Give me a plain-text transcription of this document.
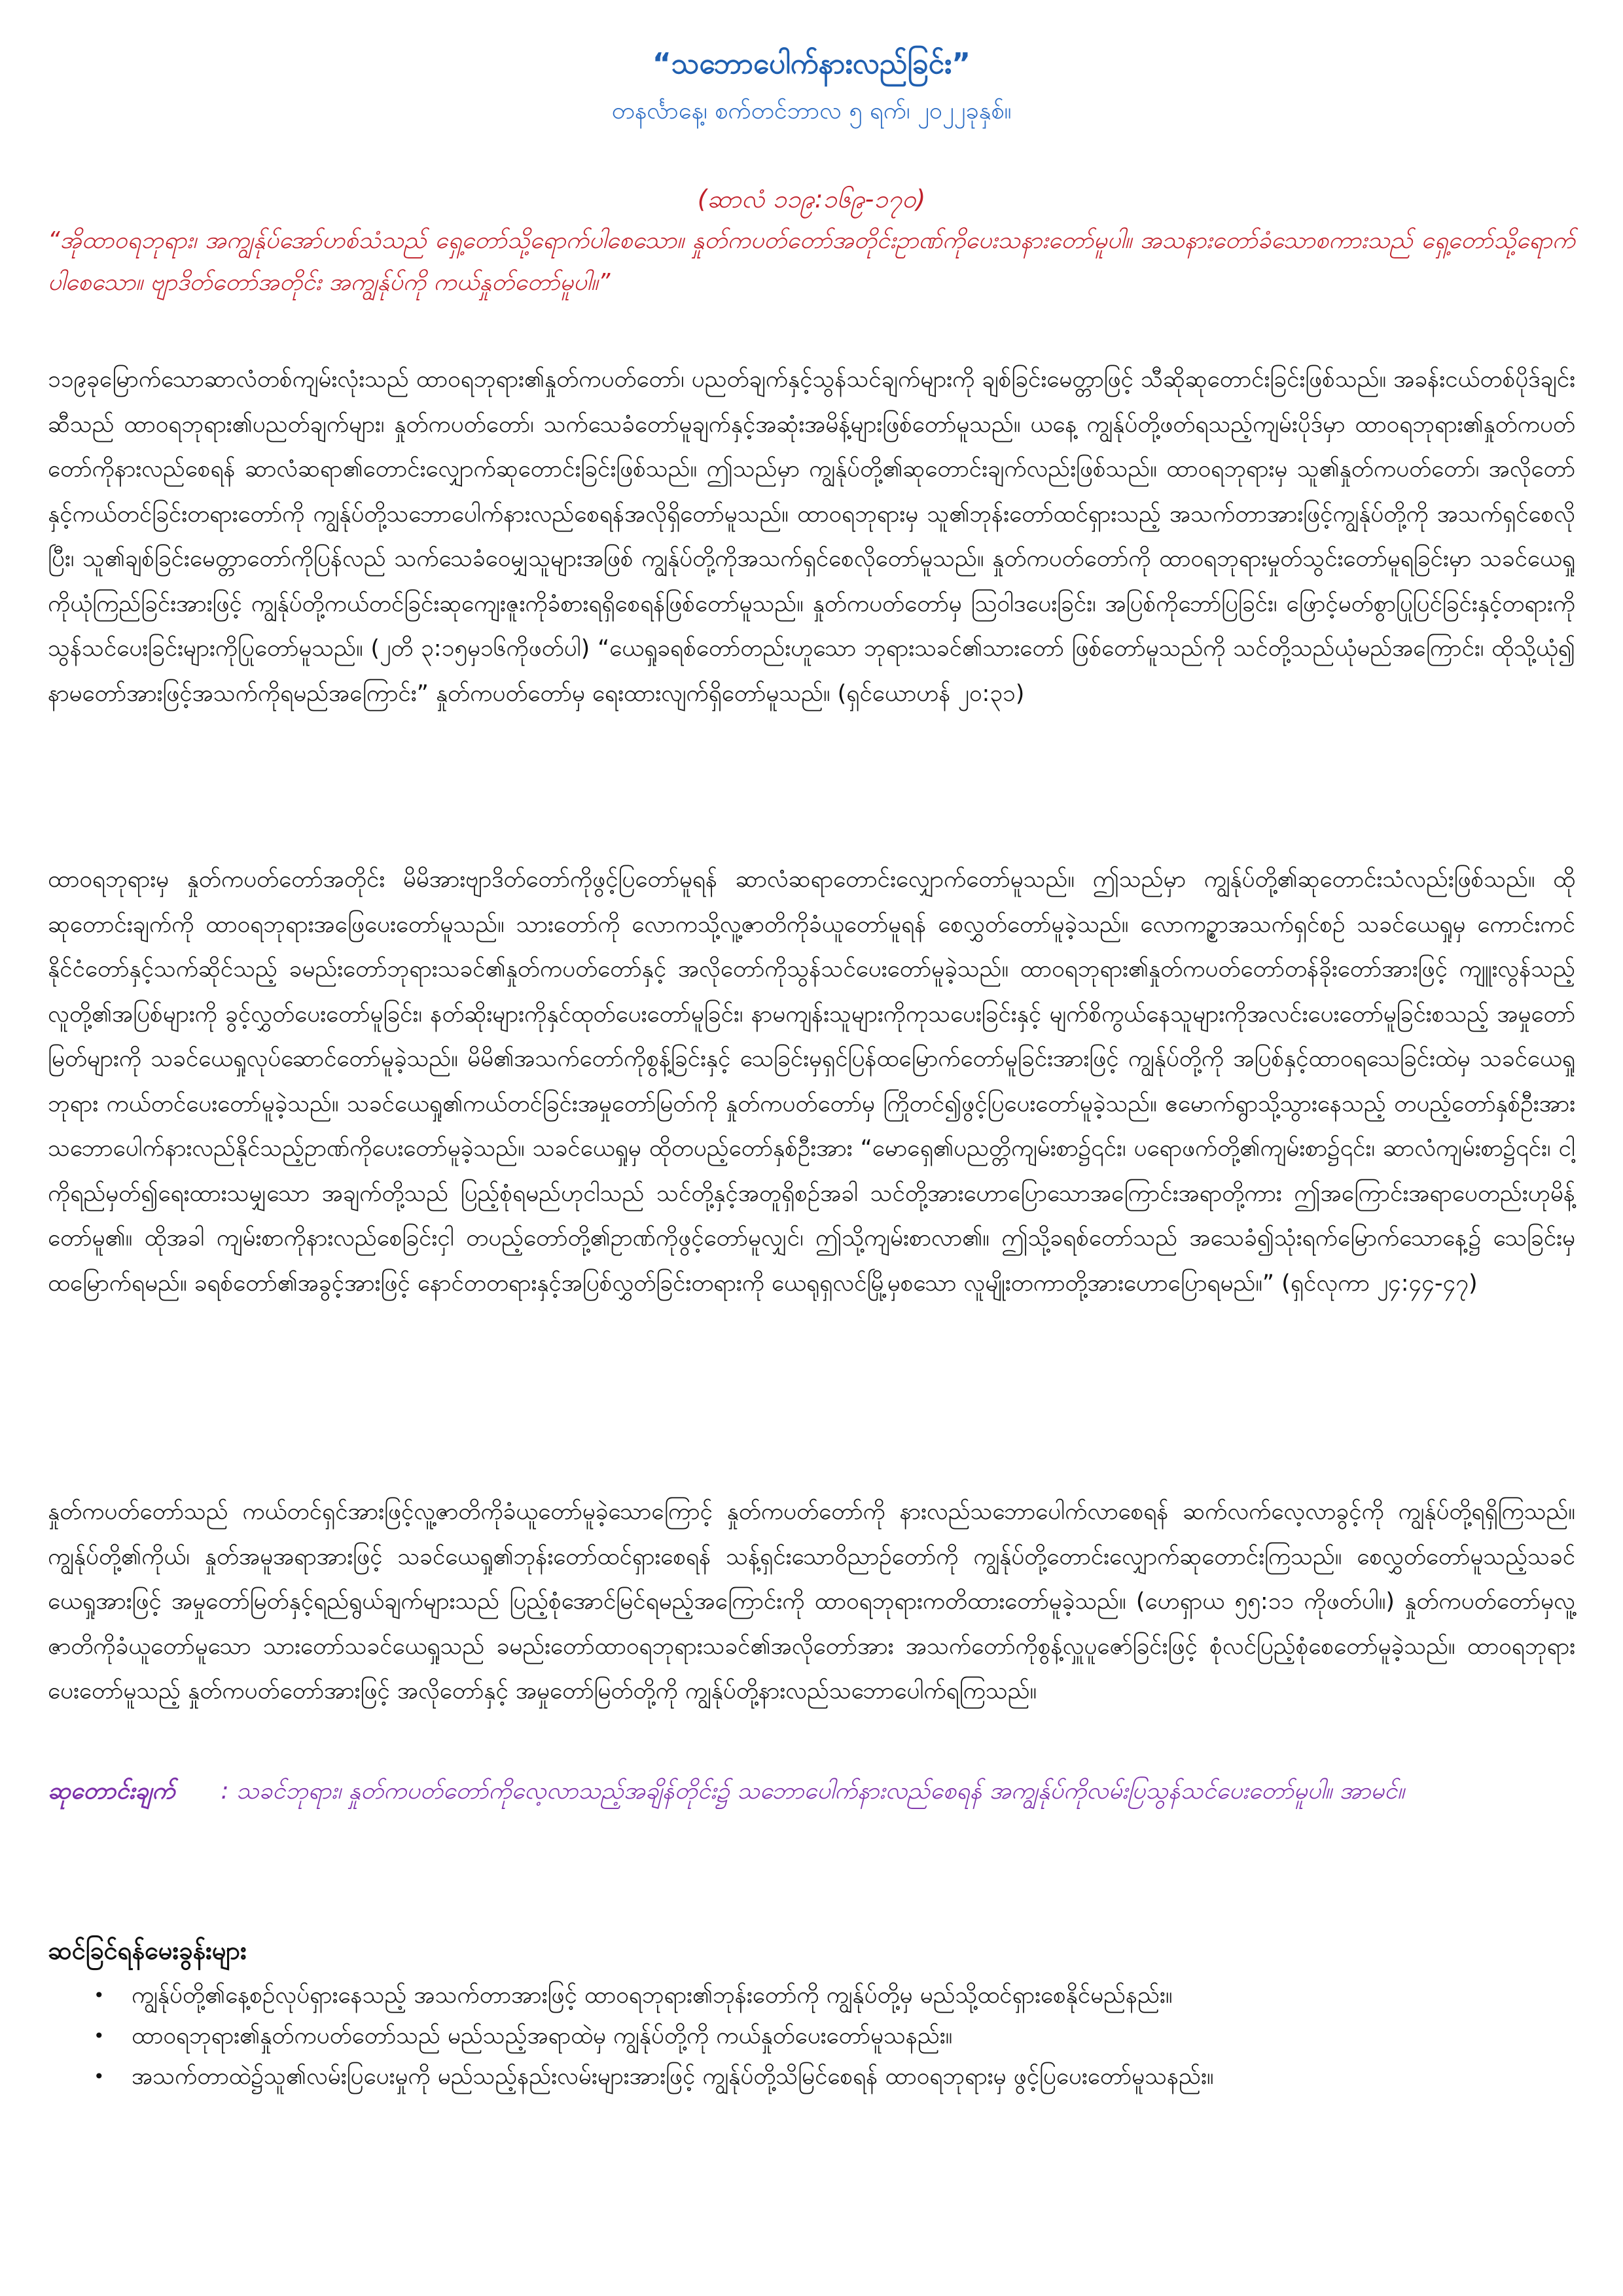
“သဘောပေါက်နားလည်ခြင်း”
တနင်္လာနေ့၊ စက်တင်ဘာလ ၅ ရက်၊ ၂၀၂၂ခုနှစ်။
(ဆာလံ ၁၁၉:၁၆၉-၁၇၀)
“အိုထာဝရဘုရား၊ အကျွန်ုပ်အော်ဟစ်သံသည် ရှေ့တော်သို့ရောက်ပါစေသော။ နှုတ်ကပတ်တော်အတိုင်းဥာဏ်ကိုပေးသနားတော်မူပါ။ အသနားတော်ခံသောစကားသည် ရှေ့တော်သို့ရောက်ပါစေသော။ ဗျာဒိတ်တော်အတိုင်း အကျွန်ုပ်ကို ကယ်နှုတ်တော်မူပါ။”
၁၁၉ခုမြောက်သောဆာလံတစ်ကျမ်းလုံးသည် ထာဝရဘုရား၏နှုတ်ကပတ်တော်၊ ပညတ်ချက်နှင့်သွန်သင်ချက်များကို ချစ်ခြင်းမေတ္တာဖြင့် သီဆိုဆုတောင်းခြင်းဖြစ်သည်။ အခန်းငယ်တစ်ပိုဒ်ချင်းဆီသည် ထာဝရဘုရား၏ပညတ်ချက်များ၊ နှုတ်ကပတ်တော်၊ သက်သေခံတော်မူချက်နှင့်အဆုံးအမိန့်များဖြစ်တော်မူသည်။ ယနေ့ ကျွန်ုပ်တို့ဖတ်ရသည့်ကျမ်းပိုဒ်မှာ ထာဝရဘုရား၏နှုတ်ကပတ်တော်ကိုနားလည်စေရန် ဆာလံဆရာ၏တောင်းလျှောက်ဆုတောင်းခြင်းဖြစ်သည်။ ဤသည်မှာ ကျွန်ုပ်တို့၏ဆုတောင်းချက်လည်းဖြစ်သည်။ ထာဝရဘုရားမှ သူ၏နှုတ်ကပတ်တော်၊ အလိုတော်နှင့်ကယ်တင်ခြင်းတရားတော်ကို ကျွန်ုပ်တို့သဘောပေါက်နားလည်စေရန်အလိုရှိတော်မူသည်။ ထာဝရဘုရားမှ သူ၏ဘုန်းတော်ထင်ရှားသည့် အသက်တာအားဖြင့်ကျွန်ုပ်တို့ကို အသက်ရှင်စေလိုပြီး၊ သူ၏ချစ်ခြင်းမေတ္တာတော်ကိုပြန်လည် သက်သေခံဝေမျှသူများအဖြစ် ကျွန်ုပ်တို့ကိုအသက်ရှင်စေလိုတော်မူသည်။ နှုတ်ကပတ်တော်ကို ထာဝရဘုရားမှုတ်သွင်းတော်မူရခြင်းမှာ သခင်ယေရှုကိုယုံကြည်ခြင်းအားဖြင့် ကျွန်ုပ်တို့ကယ်တင်ခြင်းဆုကျေးဇူးကိုခံစားရရှိစေရန်ဖြစ်တော်မူသည်။ နှုတ်ကပတ်တော်မှ ဩဝါဒပေးခြင်း၊ အပြစ်ကိုဘော်ပြခြင်း၊ ဖြောင့်မတ်စွာပြုပြင်ခြင်းနှင့်တရားကိုသွန်သင်ပေးခြင်းများကိုပြုတော်မူသည်။ (၂တိ ၃:၁၅မှ၁၆ကိုဖတ်ပါ) “ယေရှုခရစ်တော်တည်းဟူသော ဘုရားသခင်၏သားတော် ဖြစ်တော်မူသည်ကို သင်တို့သည်ယုံမည်အကြောင်း၊ ထိုသို့ယုံ၍ နာမတော်အားဖြင့်အသက်ကိုရမည်အကြောင်း” နှုတ်ကပတ်တော်မှ ရေးထားလျက်ရှိတော်မူသည်။ (ရှင်ယောဟန် ၂၀:၃၁)
ထာဝရဘုရားမှ နှုတ်ကပတ်တော်အတိုင်း မိမိအားဗျာဒိတ်တော်ကိုဖွင့်ပြတော်မူရန် ဆာလံဆရာတောင်းလျှောက်တော်မူသည်။ ဤသည်မှာ ကျွန်ုပ်တို့၏ဆုတောင်းသံလည်းဖြစ်သည်။ ထိုဆုတောင်းချက်ကို ထာဝရဘုရားအဖြေပေးတော်မူသည်။ သားတော်ကို လောကသို့လူ့ဇာတိကိုခံယူတော်မူရန် စေလွှတ်တော်မူခဲ့သည်။ လောကဥ္စာအသက်ရှင်စဉ် သခင်ယေရှုမှ ကောင်းကင်နိုင်ငံတော်နှင့်သက်ဆိုင်သည့် ခမည်းတော်ဘုရားသခင်၏နှုတ်ကပတ်တော်နှင့် အလိုတော်ကိုသွန်သင်ပေးတော်မူခဲ့သည်။ ထာဝရဘုရား၏နှုတ်ကပတ်တော်တန်ခိုးတော်အားဖြင့် ကျူးလွန်သည့်လူတို့၏အပြစ်များကို ခွင့်လွှတ်ပေးတော်မူခြင်း၊ နတ်ဆိုးများကိုနှင်ထုတ်ပေးတော်မူခြင်း၊ နာမကျန်းသူများကိုကုသပေးခြင်းနှင့် မျက်စိကွယ်နေသူများကိုအလင်းပေးတော်မူခြင်းစသည့် အမှုတော်မြတ်များကို သခင်ယေရှုလုပ်ဆောင်တော်မူခဲ့သည်။ မိမိ၏အသက်တော်ကိုစွန့်ခြင်းနှင့် သေခြင်းမှရှင်ပြန်ထမြောက်တော်မူခြင်းအားဖြင့် ကျွန်ုပ်တို့ကို အပြစ်နှင့်ထာဝရသေခြင်းထဲမှ သခင်ယေရှုဘုရား ကယ်တင်ပေးတော်မူခဲ့သည်။ သခင်ယေရှု၏ကယ်တင်ခြင်းအမှုတော်မြတ်ကို နှုတ်ကပတ်တော်မှ ကြိုတင်၍ဖွင့်ပြပေးတော်မူခဲ့သည်။ ဧမောက်ရွာသို့သွားနေသည့် တပည့်တော်နှစ်ဦးအား သဘောပေါက်နားလည်နိုင်သည့်ဥာဏ်ကိုပေးတော်မူခဲ့သည်။ သခင်ယေရှုမှ ထိုတပည့်တော်နှစ်ဦးအား “မောရှေ၏ပညတ္တိကျမ်းစာ၌၎င်း၊ ပရောဖက်တို့၏ကျမ်းစာ၌၎င်း၊ ဆာလံကျမ်းစာ၌၎င်း၊ ငါ့ကိုရည်မှတ်၍ရေးထားသမျှသော အချက်တို့သည် ပြည့်စုံရမည်ဟုငါသည် သင်တို့နှင့်အတူရှိစဉ်အခါ သင်တို့အားဟောပြောသောအကြောင်းအရာတို့ကား ဤအကြောင်းအရာပေတည်းဟုမိန့်တော်မူ၏။ ထိုအခါ ကျမ်းစာကိုနားလည်စေခြင်းငှါ တပည့်တော်တို့၏ဥာဏ်ကိုဖွင့်တော်မူလျှင်၊ ဤသို့ကျမ်းစာလာ၏။ ဤသို့ခရစ်တော်သည် အသေခံ၍သုံးရက်မြောက်သောနေ့၌ သေခြင်းမှထမြောက်ရမည်။ ခရစ်တော်၏အခွင့်အားဖြင့် နောင်တတရားနှင့်အပြစ်လွှတ်ခြင်းတရားကို ယေရုရှလင်မြို့မှစသော လူမျိုးတကာတို့အားဟောပြောရမည်။” (ရှင်လုကာ ၂၄:၄၄-၄၇)
နှုတ်ကပတ်တော်သည် ကယ်တင်ရှင်အားဖြင့်လူ့ဇာတိကိုခံယူတော်မူခဲ့သောကြောင့် နှုတ်ကပတ်တော်ကို နားလည်သဘောပေါက်လာစေရန် ဆက်လက်လေ့လာခွင့်ကို ကျွန်ုပ်တို့ရရှိကြသည်။ ကျွန်ုပ်တို့၏ကိုယ်၊ နှုတ်အမူအရာအားဖြင့် သခင်ယေရှု၏ဘုန်းတော်ထင်ရှားစေရန် သန့်ရှင်းသောဝိညာဉ်တော်ကို ကျွန်ုပ်တို့တောင်းလျှောက်ဆုတောင်းကြသည်။ စေလွှတ်တော်မူသည့်သခင်ယေရှုအားဖြင့် အမှုတော်မြတ်နှင့်ရည်ရွယ်ချက်များသည် ပြည့်စုံအောင်မြင်ရမည့်အကြောင်းကို ထာဝရဘုရားကတိထားတော်မူခဲ့သည်။ (ဟေရှာယ ၅၅:၁၁ ကိုဖတ်ပါ။) နှုတ်ကပတ်တော်မှလူ့ဇာတိကိုခံယူတော်မူသော သားတော်သခင်ယေရှုသည် ခမည်းတော်ထာဝရဘုရားသခင်၏အလိုတော်အား အသက်တော်ကိုစွန့်လှူပူဇော်ခြင်းဖြင့် စုံလင်ပြည့်စုံစေတော်မူခဲ့သည်။ ထာဝရဘုရားပေးတော်မူသည့် နှုတ်ကပတ်တော်အားဖြင့် အလိုတော်နှင့် အမှုတော်မြတ်တို့ကို ကျွန်ုပ်တို့နားလည်သဘောပေါက်ရကြသည်။
ဆုတောင်းချက် : သခင်ဘုရား၊ နှုတ်ကပတ်တော်ကိုလေ့လာသည့်အချိန်တိုင်း၌ သဘောပေါက်နားလည်စေရန် အကျွန်ုပ်ကိုလမ်းပြသွန်သင်ပေးတော်မူပါ။ အာမင်။
ဆင်ခြင်ရန်မေးခွန်းများ
• ကျွန်ုပ်တို့၏နေ့စဉ်လုပ်ရှားနေသည့် အသက်တာအားဖြင့် ထာဝရဘုရား၏ဘုန်းတော်ကို ကျွန်ုပ်တို့မှ မည်သို့ထင်ရှားစေနိုင်မည်နည်း။
• ထာဝရဘုရား၏နှုတ်ကပတ်တော်သည် မည်သည့်အရာထဲမှ ကျွန်ုပ်တို့ကို ကယ်နှုတ်ပေးတော်မူသနည်း။
• အသက်တာထဲ၌သူ၏လမ်းပြပေးမှုကို မည်သည့်နည်းလမ်းများအားဖြင့် ကျွန်ုပ်တို့သိမြင်စေရန် ထာဝရဘုရားမှ ဖွင့်ပြပေးတော်မူသနည်း။
